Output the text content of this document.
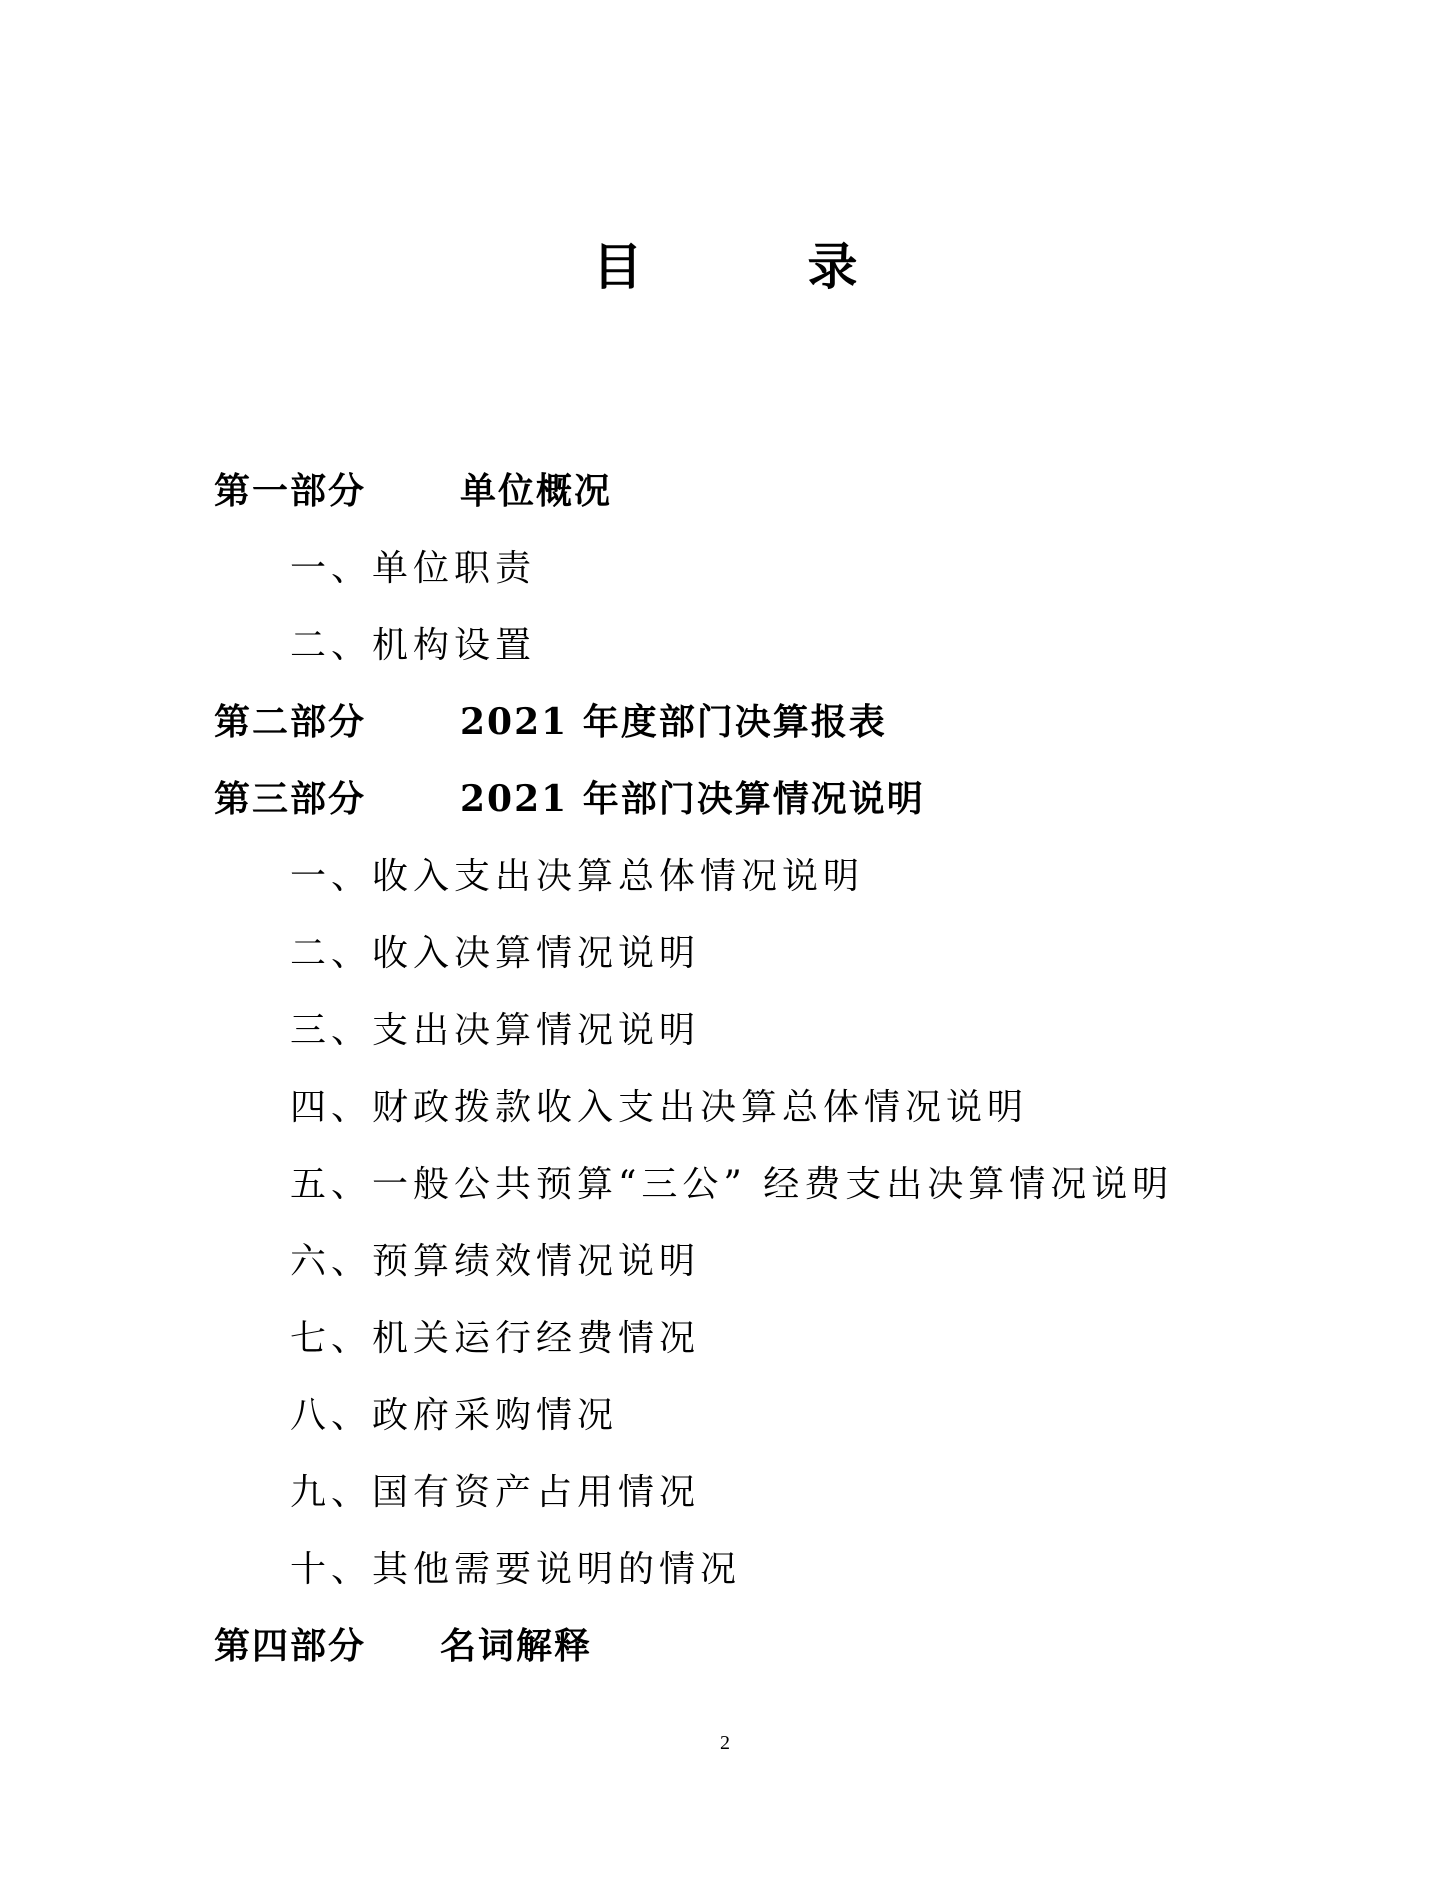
目	录
第一部分	单位概况
一、单位职责
二、机构设置
第二部分	2021 年度部门决算报表
第三部分	2021 年部门决算情况说明
一、收入支出决算总体情况说明
二、收入决算情况说明
三、支出决算情况说明
四、财政拨款收入支出决算总体情况说明
五、一般公共预算“三公” 经费支出决算情况说明
六、预算绩效情况说明
七、机关运行经费情况
八、政府采购情况
九、国有资产占用情况
十、其他需要说明的情况
第四部分 名词解释
2
